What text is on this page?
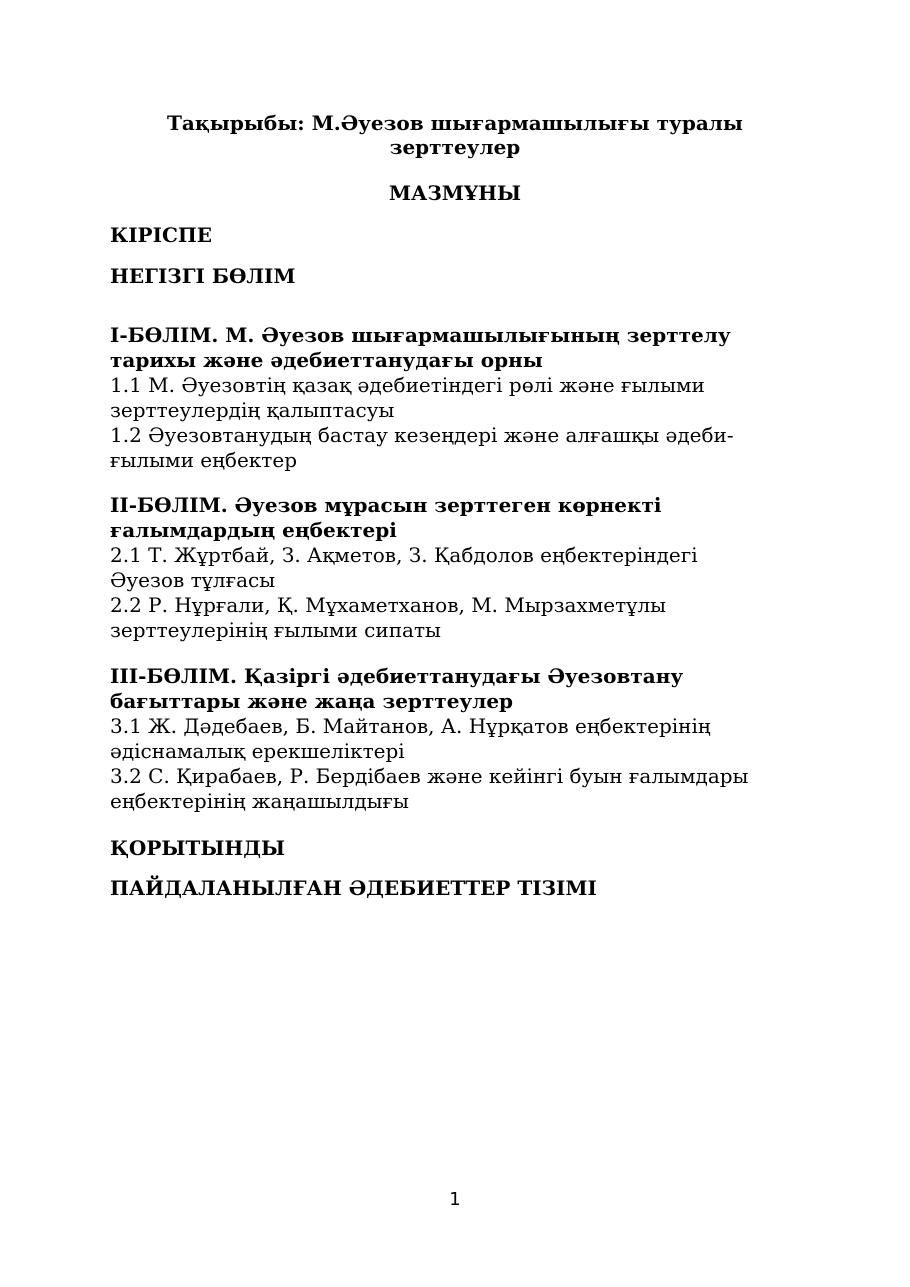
Тақырыбы: М.Әуезов шығармашылығы туралы
зерттеулер
МАЗМҰНЫ
КІРІСПЕ
НЕГІЗГІ БӨЛІМ
I-БӨЛІМ. М. Әуезов шығармашылығының зерттелу
тарихы және әдебиеттанудағы орны
1.1 М. Әуезовтің қазақ әдебиетіндегі рөлі және ғылыми
зерттеулердің қалыптасуы
1.2 Әуезовтанудың бастау кезеңдері және алғашқы әдеби-
ғылыми еңбектер
II-БӨЛІМ. Әуезов мұрасын зерттеген көрнекті
ғалымдардың еңбектері
2.1 Т. Жұртбай, З. Ақметов, З. Қабдолов еңбектеріндегі
Әуезов тұлғасы
2.2 Р. Нұрғали, Қ. Мұхаметханов, М. Мырзахметұлы
зерттеулерінің ғылыми сипаты
III-БӨЛІМ. Қазіргі әдебиеттанудағы Әуезовтану
бағыттары және жаңа зерттеулер
3.1 Ж. Дәдебаев, Б. Майтанов, А. Нұрқатов еңбектерінің
әдіснамалық ерекшеліктері
3.2 С. Қирабаев, Р. Бердібаев және кейінгі буын ғалымдары
еңбектерінің жаңашылдығы
ҚОРЫТЫНДЫ
ПАЙДАЛАНЫЛҒАН ӘДЕБИЕТТЕР ТІЗІМІ
1
